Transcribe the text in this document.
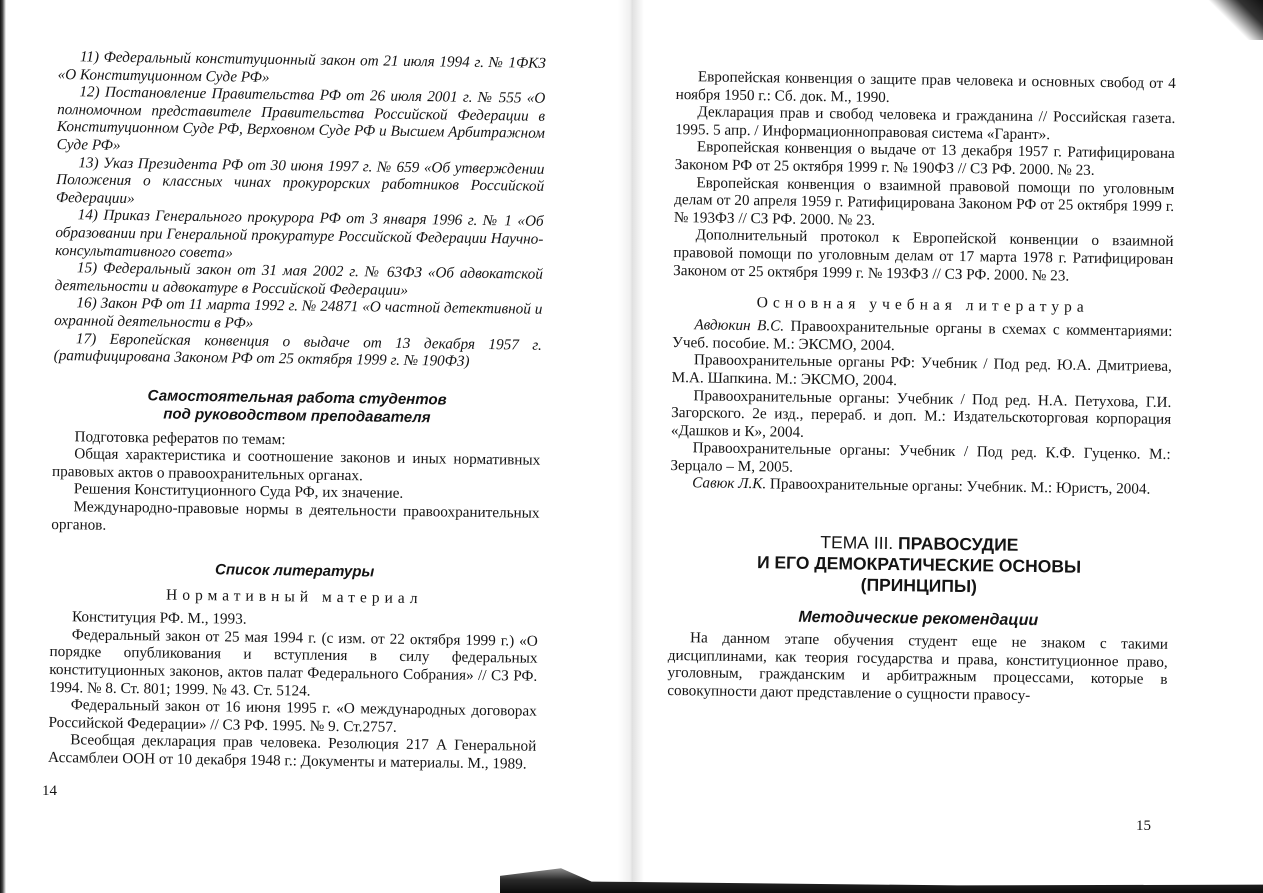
11) Федеральный конституционный закон от 21 июля 1994 г. № 1ФКЗ «О Конституционном Суде РФ»

12) Постановление Правительства РФ от 26 июля 2001 г. № 555 «О полномочном представителе Правительства Российской Федерации в Конституционном Суде РФ, Верховном Суде РФ и Высшем Арбитражном Суде РФ»

13) Указ Президента РФ от 30 июня 1997 г. № 659 «Об утверждении Положения о классных чинах прокурорских работников Российской Федерации»

14) Приказ Генерального прокурора РФ от 3 января 1996 г. № 1 «Об образовании при Генеральной прокуратуре Российской Федерации Научно-консультативного совета»

15) Федеральный закон от 31 мая 2002 г. № 63ФЗ «Об адвокатской деятельности и адвокатуре в Российской Федерации»

16) Закон РФ от 11 марта 1992 г. № 24871 «О частной детективной и охранной деятельности в РФ»

17) Европейская конвенция о выдаче от 13 декабря 1957 г. (ратифицирована Законом РФ от 25 октября 1999 г. № 190ФЗ)

Самостоятельная работа студентов
под руководством преподавателя

Подготовка рефератов по темам:

Общая характеристика и соотношение законов и иных нормативных правовых актов о правоохранительных органах.

Решения Конституционного Суда РФ, их значение.

Международно-правовые нормы в деятельности правоохранительных органов.

Список литературы
Нормативный материал

Конституция РФ. М., 1993.

Федеральный закон от 25 мая 1994 г. (с изм. от 22 октября 1999 г.) «О порядке опубликования и вступления в силу федеральных конституционных законов, актов палат Федерального Собрания» // СЗ РФ. 1994. № 8. Ст. 801; 1999. № 43. Ст. 5124.

Федеральный закон от 16 июня 1995 г. «О международных договорах Российской Федерации» // СЗ РФ. 1995. № 9. Ст.2757.

Всеобщая декларация прав человека. Резолюция 217 А Генеральной Ассамблеи ООН от 10 декабря 1948 г.: Документы и материалы. М., 1989.

14

Европейская конвенция о защите прав человека и основных свобод от 4 ноября 1950 г.: Сб. док. М., 1990.

Декларация прав и свобод человека и гражданина // Российская газета. 1995. 5 апр. / Информационноправовая система «Гарант».

Европейская конвенция о выдаче от 13 декабря 1957 г. Ратифицирована Законом РФ от 25 октября 1999 г. № 190ФЗ // СЗ РФ. 2000. № 23.

Европейская конвенция о взаимной правовой помощи по уголовным делам от 20 апреля 1959 г. Ратифицирована Законом РФ от 25 октября 1999 г. № 193ФЗ // СЗ РФ. 2000. № 23.

Дополнительный протокол к Европейской конвенции о взаимной правовой помощи по уголовным делам от 17 марта 1978 г. Ратифицирован Законом от 25 октября 1999 г. № 193ФЗ // СЗ РФ. 2000. № 23.

Основная учебная литература

Авдюкин В.С. Правоохранительные органы в схемах с комментариями: Учеб. пособие. М.: ЭКСМО, 2004.

Правоохранительные органы РФ: Учебник / Под ред. Ю.А. Дмитриева, М.А. Шапкина. М.: ЭКСМО, 2004.

Правоохранительные органы: Учебник / Под ред. Н.А. Петухова, Г.И. Загорского. 2е изд., перераб. и доп. М.: Издательскоторговая корпорация «Дашков и К», 2004.

Правоохранительные органы: Учебник / Под ред. К.Ф. Гуценко. М.: Зерцало – М, 2005.

Савюк Л.К. Правоохранительные органы: Учебник. М.: Юристъ, 2004.

ТЕМА III. ПРАВОСУДИЕ
И ЕГО ДЕМОКРАТИЧЕСКИЕ ОСНОВЫ
(ПРИНЦИПЫ)
Методические рекомендации

На данном этапе обучения студент еще не знаком с такими дисциплинами, как теория государства и права, конституционное право, уголовным, гражданским и арбитражным процессами, которые в совокупности дают представление о сущности правосу-

15
